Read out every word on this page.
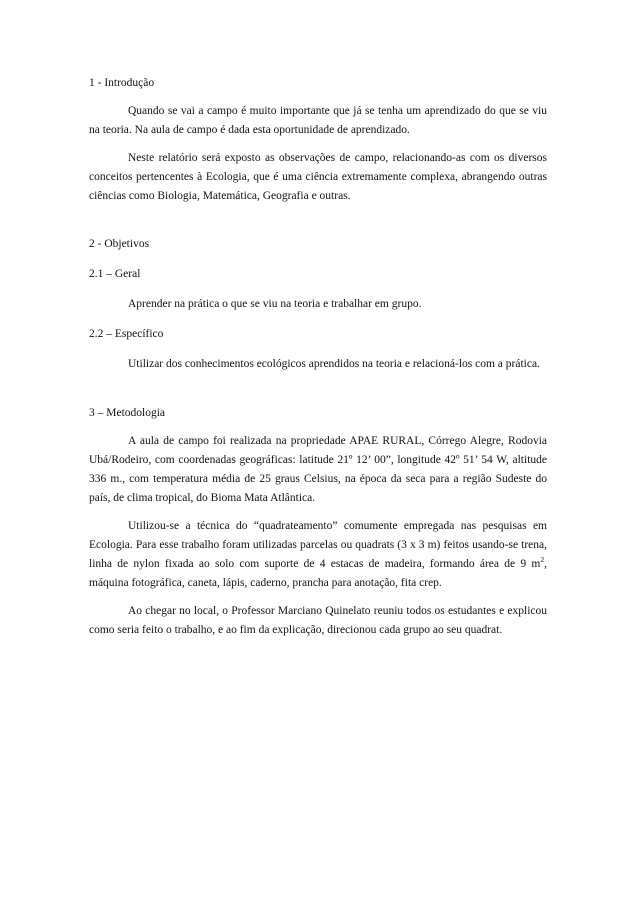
1 - Introdução

Quando se vai a campo é muito importante que já se tenha um aprendizado do que se viu na teoria. Na aula de campo é dada esta oportunidade de aprendizado.

Neste relatório será exposto as observações de campo, relacionando-as com os diversos conceitos pertencentes à Ecologia, que é uma ciência extremamente complexa, abrangendo outras ciências como Biologia, Matemática, Geografia e outras.

2 - Objetivos
2.1 – Geral

Aprender na prática o que se viu na teoria e trabalhar em grupo.

2.2 – Específico

Utilizar dos conhecimentos ecológicos aprendidos na teoria e relacioná-los com a prática.

3 – Metodologia

A aula de campo foi realizada na propriedade APAE RURAL, Córrego Alegre, Rodovia Ubá/Rodeiro, com coordenadas geográficas: latitude 21º 12’ 00”, longitude 42º 51’ 54 W, altitude 336 m., com temperatura média de 25 graus Celsius, na época da seca para a região Sudeste do país, de clima tropical, do Bioma Mata Atlântica.

Utilizou-se a técnica do “quadrateamento” comumente empregada nas pesquisas em Ecologia. Para esse trabalho foram utilizadas parcelas ou quadrats (3 x 3 m) feitos usando-se trena, linha de nylon fixada ao solo com suporte de 4 estacas de madeira, formando área de 9 $m^2$, máquina fotográfica, caneta, lápis, caderno, prancha para anotação, fita crep.

Ao chegar no local, o Professor Marciano Quinelato reuniu todos os estudantes e explicou como seria feito o trabalho, e ao fim da explicação, direcionou cada grupo ao seu quadrat.
